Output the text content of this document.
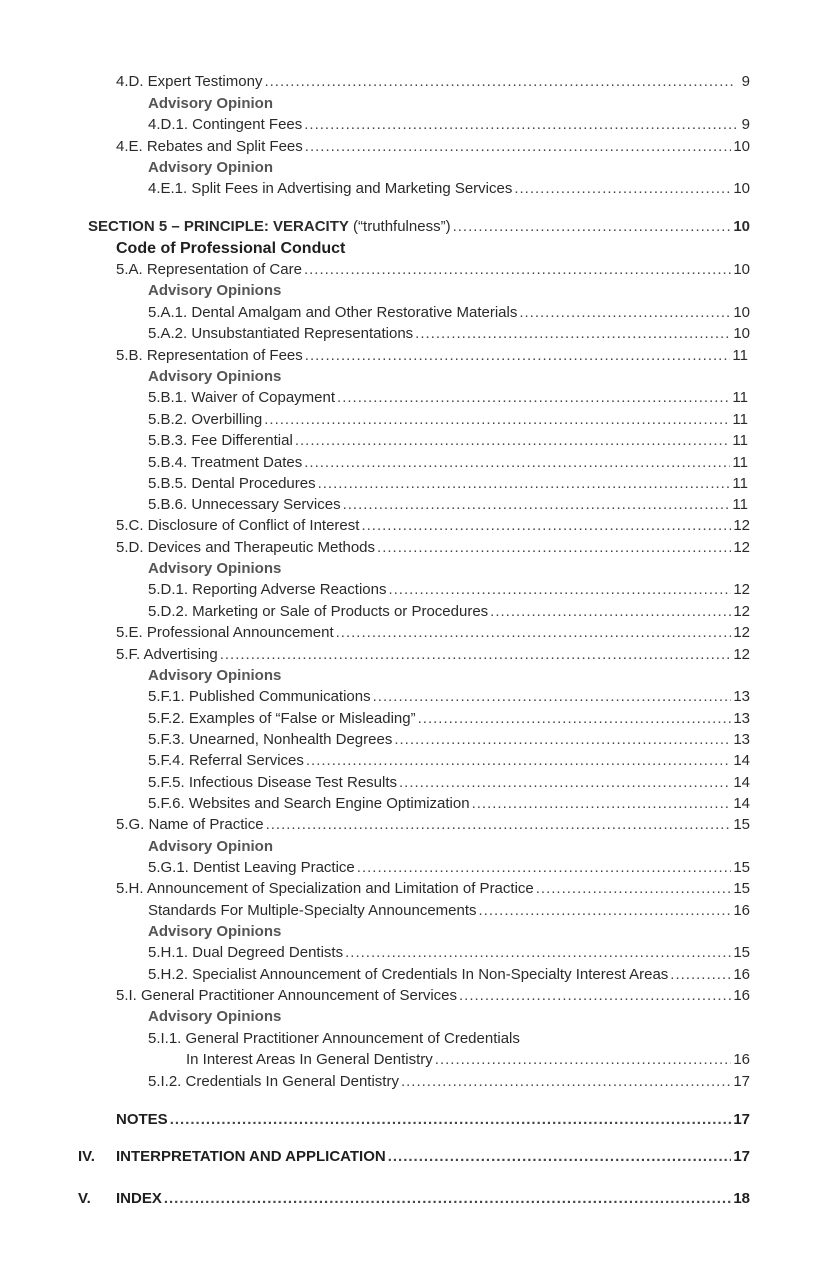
4.D. Expert Testimony .....	9
Advisory Opinion
4.D.1. Contingent Fees .....	9
4.E. Rebates and Split Fees .....	10
Advisory Opinion
4.E.1. Split Fees in Advertising and Marketing Services .....	10
SECTION 5 – PRINCIPLE: VERACITY (“truthfulness”) .....	10
Code of Professional Conduct
5.A. Representation of Care .....	10
Advisory Opinions
5.A.1. Dental Amalgam and Other Restorative Materials .....	10
5.A.2. Unsubstantiated Representations .....	10
5.B. Representation of Fees .....	11
Advisory Opinions
5.B.1. Waiver of Copayment .....	11
5.B.2. Overbilling .....	11
5.B.3. Fee Differential .....	11
5.B.4. Treatment Dates .....	11
5.B.5. Dental Procedures .....	11
5.B.6. Unnecessary Services .....	11
5.C. Disclosure of Conflict of Interest .....	12
5.D. Devices and Therapeutic Methods .....	12
Advisory Opinions
5.D.1. Reporting Adverse Reactions .....	12
5.D.2. Marketing or Sale of Products or Procedures .....	12
5.E. Professional Announcement .....	12
5.F. Advertising .....	12
Advisory Opinions
5.F.1. Published Communications .....	13
5.F.2. Examples of “False or Misleading” .....	13
5.F.3. Unearned, Nonhealth Degrees .....	13
5.F.4. Referral Services .....	14
5.F.5. Infectious Disease Test Results .....	14
5.F.6. Websites and Search Engine Optimization .....	14
5.G. Name of Practice .....	15
Advisory Opinion
5.G.1. Dentist Leaving Practice .....	15
5.H. Announcement of Specialization and Limitation of Practice .....	15
Standards For Multiple-Specialty Announcements .....	16
Advisory Opinions
5.H.1. Dual Degreed Dentists .....	15
5.H.2. Specialist Announcement of Credentials In Non-Specialty Interest Areas .....	16
5.I. General Practitioner Announcement of Services .....	16
Advisory Opinions
5.I.1. General Practitioner Announcement of Credentials
In Interest Areas In General Dentistry .....	16
5.I.2. Credentials In General Dentistry .....	17
NOTES .....	17
IV. INTERPRETATION AND APPLICATION .....	17
V. INDEX .....	18
